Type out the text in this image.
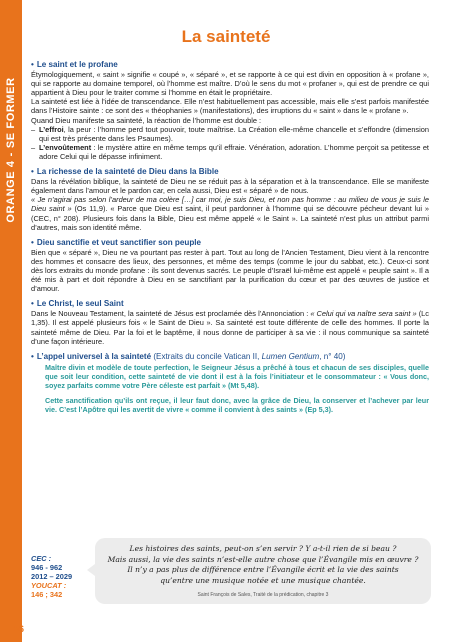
ORANGE 4-SE FORMER
La sainteté
• Le saint et le profane

Étymologiquement, « saint » signifie « coupé », « séparé », et se rapporte à ce qui est divin en opposition à « profane », qui se rapporte au domaine temporel, où l’homme est maître. D’où le sens du mot « profaner », qui est de prendre ce qui appartient à Dieu pour le traiter comme si l’homme en était le propriétaire.

La sainteté est liée à l’idée de transcendance. Elle n’est habituellement pas accessible, mais elle s’est parfois manifestée dans l’Histoire sainte : ce sont des « théophanies » (manifestations), des irruptions du « saint » dans le « profane ».

Quand Dieu manifeste sa sainteté, la réaction de l’homme est double :

– L’effroi, la peur : l’homme perd tout pouvoir, toute maîtrise. La Création elle-même chancelle et s’effondre (dimension qui est très présente dans les Psaumes).
– L’envoûtement : le mystère attire en même temps qu’il effraie. Vénération, adoration. L’homme perçoit sa petitesse et adore Celui qui le dépasse infiniment.
• La richesse de la sainteté de Dieu dans la Bible

Dans la révélation biblique, la sainteté de Dieu ne se réduit pas à la séparation et à la transcendance. Elle se manifeste également dans l’amour et le pardon car, en cela aussi, Dieu est « séparé » de nous.

« Je n’agirai pas selon l’ardeur de ma colère […] car moi, je suis Dieu, et non pas homme : au milieu de vous je suis le Dieu saint » (Os 11,9). « Parce que Dieu est saint, il peut pardonner à l’homme qui se découvre pécheur devant lui » (CEC, n° 208). Plusieurs fois dans la Bible, Dieu est même appelé « le Saint ». La sainteté n’est plus un attribut parmi d’autres, mais son identité même.

• Dieu sanctifie et veut sanctifier son peuple

Bien que « séparé », Dieu ne va pourtant pas rester à part. Tout au long de l’Ancien Testament, Dieu vient à la rencontre des hommes et consacre des lieux, des personnes, et même des temps (comme le jour du sabbat, etc.). Ceux-ci sont dès lors extraits du monde profane : ils sont devenus sacrés. Le peuple d’Israël lui-même est appelé « peuple saint ». Il a été mis à part et doit répondre à Dieu en se sanctifiant par la purification du cœur et par des œuvres de justice et d’amour.

• Le Christ, le seul Saint

Dans le Nouveau Testament, la sainteté de Jésus est proclamée dès l’Annonciation : « Celui qui va naître sera saint » (Lc 1,35). Il est appelé plusieurs fois « le Saint de Dieu ». Sa sainteté est toute différente de celle des hommes. Il porte la sainteté même de Dieu. Par la foi et le baptême, il nous donne de participer à sa vie : il nous communique sa sainteté d’une façon intérieure.

• L’appel universel à la sainteté (Extraits du concile Vatican II, Lumen Gentium, n° 40)

Maître divin et modèle de toute perfection, le Seigneur Jésus a prêché à tous et chacun de ses disciples, quelle que soit leur condition, cette sainteté de vie dont il est à la fois l’initiateur et le consommateur : « Vous donc, soyez parfaits comme votre Père céleste est parfait » (Mt 5,48).

Cette sanctification qu’ils ont reçue, il leur faut donc, avec la grâce de Dieu, la conserver et l’achever par leur vie. C’est l’Apôtre qui les avertit de vivre « comme il convient à des saints » (Ep 5,3).

CEC :
946 - 962
2012 – 2029
YOUCAT :
146 ; 342
Les histoires des saints, peut-on s’en servir ? Y a-t-il rien de si beau ?
Mais aussi, la vie des saints n’est-elle autre chose que l’Évangile mis en œuvre ?
Il n’y a pas plus de différence entre l’Évangile écrit et la vie des saints
qu’entre une musique notée et une musique chantée.
Saint François de Sales, Traité de la prédication, chapitre 3
56
